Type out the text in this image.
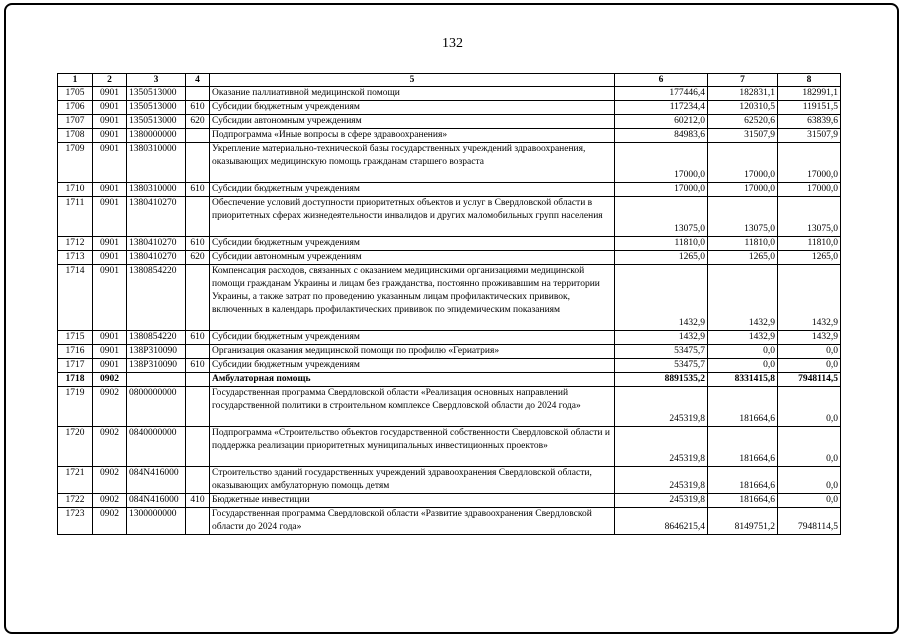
132
1	2	3	4	5	6	7	8
1705	0901	1350513000		Оказание паллиативной медицинской помощи	177446,4	182831,1	182991,1
1706	0901	1350513000	610	Субсидии бюджетным учреждениям	117234,4	120310,5	119151,5
1707	0901	1350513000	620	Субсидии автономным учреждениям	60212,0	62520,6	63839,6
1708	0901	1380000000		Подпрограмма «Иные вопросы в сфере здравоохранения»	84983,6	31507,9	31507,9
1709	0901	1380310000		Укрепление материально-технической базы государственных учреждений здравоохранения, оказывающих медицинскую помощь гражданам старшего возраста	17000,0	17000,0	17000,0
1710	0901	1380310000	610	Субсидии бюджетным учреждениям	17000,0	17000,0	17000,0
1711	0901	1380410270		Обеспечение условий доступности приоритетных объектов и услуг в Свердловской области в приоритетных сферах жизнедеятельности инвалидов и других маломобильных групп населения	13075,0	13075,0	13075,0
1712	0901	1380410270	610	Субсидии бюджетным учреждениям	11810,0	11810,0	11810,0
1713	0901	1380410270	620	Субсидии автономным учреждениям	1265,0	1265,0	1265,0
1714	0901	1380854220		Компенсация расходов, связанных с оказанием медицинскими организациями медицинской помощи гражданам Украины и лицам без гражданства, постоянно проживавшим на территории Украины, а также затрат по проведению указанным лицам профилактических прививок, включенных в календарь профилактических прививок по эпидемическим показаниям	1432,9	1432,9	1432,9
1715	0901	1380854220	610	Субсидии бюджетным учреждениям	1432,9	1432,9	1432,9
1716	0901	138P310090		Организация оказания медицинской помощи по профилю «Гериатрия»	53475,7	0,0	0,0
1717	0901	138P310090	610	Субсидии бюджетным учреждениям	53475,7	0,0	0,0
1718	0902			Амбулаторная помощь	8891535,2	8331415,8	7948114,5
1719	0902	0800000000		Государственная программа Свердловской области «Реализация основных направлений государственной политики в строительном комплексе Свердловской области до 2024 года»	245319,8	181664,6	0,0
1720	0902	0840000000		Подпрограмма «Строительство объектов государственной собственности Свердловской области и поддержка реализации приоритетных муниципальных инвестиционных проектов»	245319,8	181664,6	0,0
1721	0902	084N416000		Строительство зданий государственных учреждений здравоохранения Свердловской области, оказывающих амбулаторную помощь детям	245319,8	181664,6	0,0
1722	0902	084N416000	410	Бюджетные инвестиции	245319,8	181664,6	0,0
1723	0902	1300000000		Государственная программа Свердловской области «Развитие здравоохранения Свердловской области до 2024 года»	8646215,4	8149751,2	7948114,5
